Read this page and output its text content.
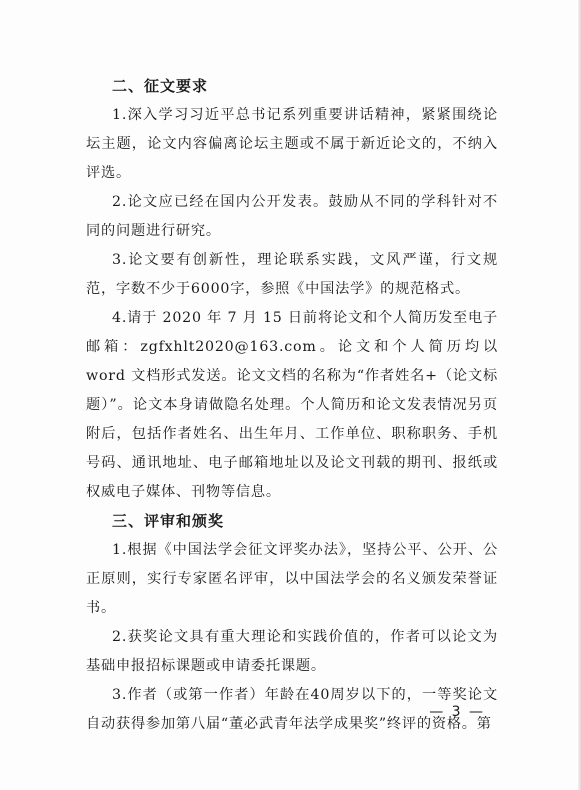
二、征文要求

1.深入学习习近平总书记系列重要讲话精神，紧紧围绕论坛主题，论文内容偏离论坛主题或不属于新近论文的，不纳入评选。

2.论文应已经在国内公开发表。鼓励从不同的学科针对不同的问题进行研究。

3.论文要有创新性，理论联系实践，文风严谨，行文规范，字数不少于6000字，参照《中国法学》的规范格式。

4.请于 2020 年 7 月 15 日前将论文和个人简历发至电子邮箱：zgfxhlt2020@163.com。论文和个人简历均以 word 文档形式发送。论文文档的名称为“作者姓名+（论文标题）”。论文本身请做隐名处理。个人简历和论文发表情况另页附后，包括作者姓名、出生年月、工作单位、职称职务、手机号码、通讯地址、电子邮箱地址以及论文刊载的期刊、报纸或权威电子媒体、刊物等信息。

三、评审和颁奖

1.根据《中国法学会征文评奖办法》，坚持公平、公开、公正原则，实行专家匿名评审，以中国法学会的名义颁发荣誉证书。

2.获奖论文具有重大理论和实践价值的，作者可以论文为基础申报招标课题或申请委托课题。

3.作者（或第一作者）年龄在40周岁以下的，一等奖论文自动获得参加第八届“董必武青年法学成果奖”终评的资格。第

— 3 —
